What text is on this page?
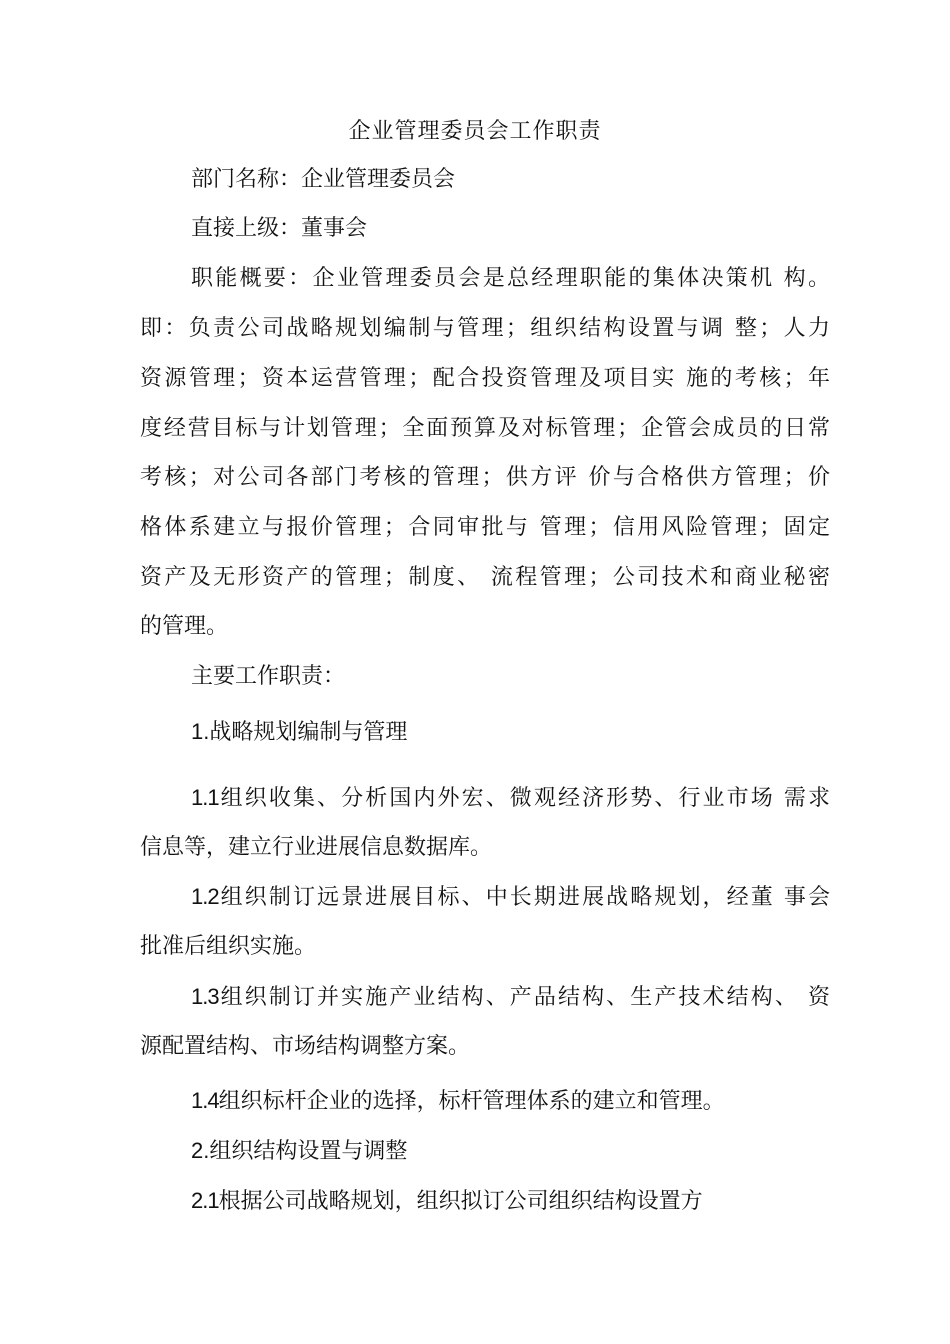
企业管理委员会工作职责
部门名称：企业管理委员会
直接上级：董事会
职能概要：企业管理委员会是总经理职能的集体决策机 构。
即：负责公司战略规划编制与管理；组织结构设置与调 整；人力
资源管理；资本运营管理；配合投资管理及项目实 施的考核；年
度经营目标与计划管理；全面预算及对标管理；企管会成员的日常
考核；对公司各部门考核的管理；供方评 价与合格供方管理；价
格体系建立与报价管理；合同审批与 管理；信用风险管理；固定
资产及无形资产的管理；制度、 流程管理；公司技术和商业秘密
的管理。
主要工作职责：
1.战略规划编制与管理
1.1组织收集、分析国内外宏、微观经济形势、行业市场 需求
信息等，建立行业进展信息数据库。
1.2组织制订远景进展目标、中长期进展战略规划，经董 事会
批准后组织实施。
1.3组织制订并实施产业结构、产品结构、生产技术结构、 资
源配置结构、市场结构调整方案。
1.4组织标杆企业的选择，标杆管理体系的建立和管理。
2.组织结构设置与调整
2.1根据公司战略规划，组织拟订公司组织结构设置方
